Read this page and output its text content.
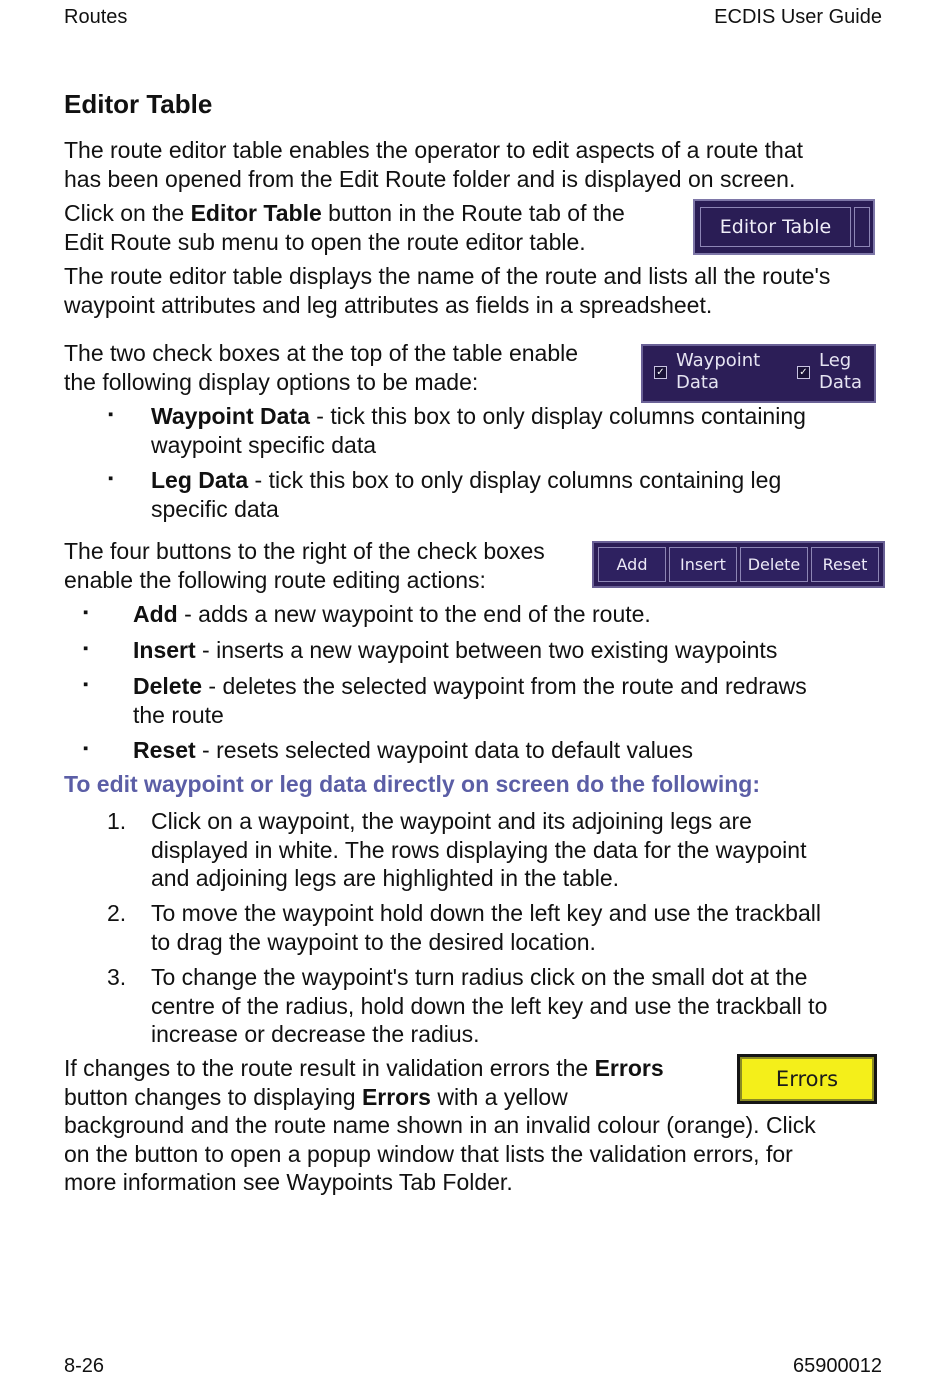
Routes	ECDIS User Guide
Editor Table

The route editor table enables the operator to edit aspects of a route that
has been opened from the Edit Route folder and is displayed on screen.

Click on the Editor Table button in the Route tab of the
Edit Route sub menu to open the route editor table.

Editor Table

The route editor table displays the name of the route and lists all the route's
waypoint attributes and leg attributes as fields in a spreadsheet.

The two check boxes at the top of the table enable
the following display options to be made:	✓
Waypoint
Data	✓
Leg
Data
▪ Waypoint Data - tick this box to only display columns containing
waypoint specific data

▪ Leg Data - tick this box to only display columns containing leg
specific data

The four buttons to the right of the check boxes
enable the following route editing actions:

Add	Insert	Delete	Reset
▪ Add - adds a new waypoint to the end of the route.

▪ Insert - inserts a new waypoint between two existing waypoints

▪ Delete - deletes the selected waypoint from the route and redraws
the route

▪ Reset - resets selected waypoint data to default values

To edit waypoint or leg data directly on screen do the following:
1. Click on a waypoint, the waypoint and its adjoining legs are
displayed in white. The rows displaying the data for the waypoint
and adjoining legs are highlighted in the table.

2. To move the waypoint hold down the left key and use the trackball
to drag the waypoint to the desired location.

3. To change the waypoint's turn radius click on the small dot at the
centre of the radius, hold down the left key and use the trackball to
increase or decrease the radius.

If changes to the route result in validation errors the Errors
button changes to displaying Errors with a yellow
background and the route name shown in an invalid colour (orange). Click
on the button to open a popup window that lists the validation errors, for
more information see Waypoints Tab Folder.

Errors
8-26	65900012
